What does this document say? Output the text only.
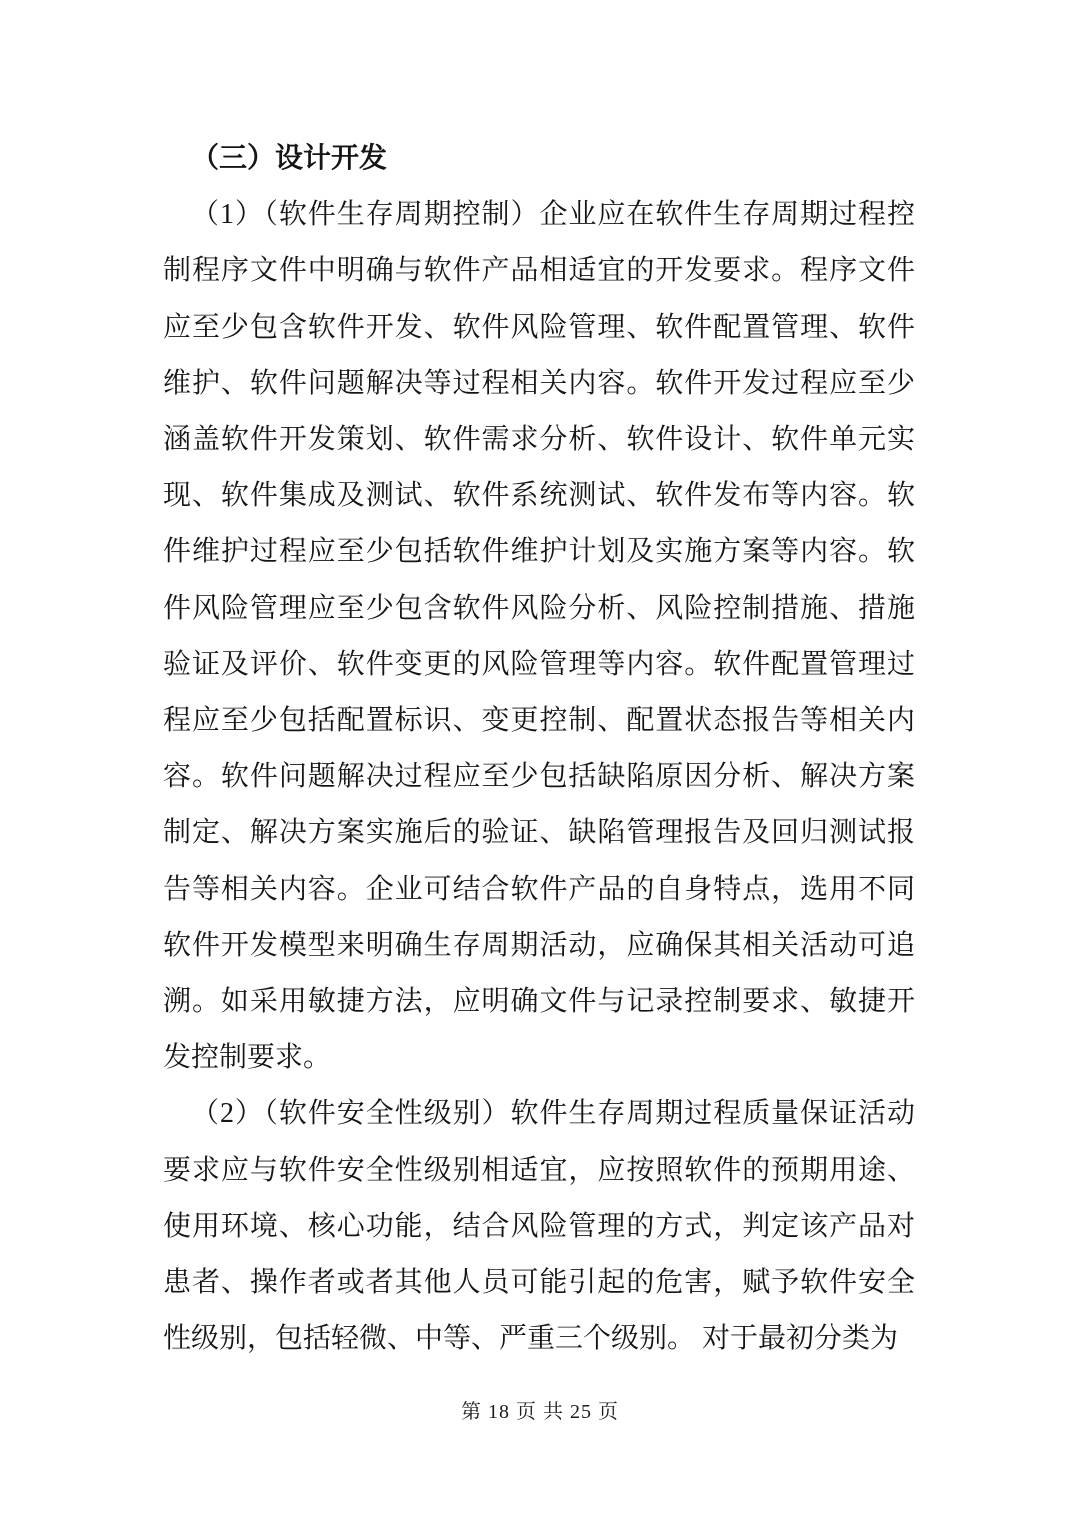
（三）设计开发

（1）（软件生存周期控制）企业应在软件生存周期过程控制程序文件中明确与软件产品相适宜的开发要求。程序文件应至少包含软件开发、软件风险管理、软件配置管理、软件维护、软件问题解决等过程相关内容。软件开发过程应至少涵盖软件开发策划、软件需求分析、软件设计、软件单元实现、软件集成及测试、软件系统测试、软件发布等内容。软件维护过程应至少包括软件维护计划及实施方案等内容。软件风险管理应至少包含软件风险分析、风险控制措施、措施验证及评价、软件变更的风险管理等内容。软件配置管理过程应至少包括配置标识、变更控制、配置状态报告等相关内容。软件问题解决过程应至少包括缺陷原因分析、解决方案制定、解决方案实施后的验证、缺陷管理报告及回归测试报告等相关内容。企业可结合软件产品的自身特点，选用不同软件开发模型来明确生存周期活动，应确保其相关活动可追溯。如采用敏捷方法，应明确文件与记录控制要求、敏捷开发控制要求。

（2）（软件安全性级别）软件生存周期过程质量保证活动要求应与软件安全性级别相适宜，应按照软件的预期用途、使用环境、核心功能，结合风险管理的方式，判定该产品对患者、操作者或者其他人员可能引起的危害，赋予软件安全性级别，包括轻微、中等、严重三个级别。 对于最初分类为

第 18 页 共 25 页
